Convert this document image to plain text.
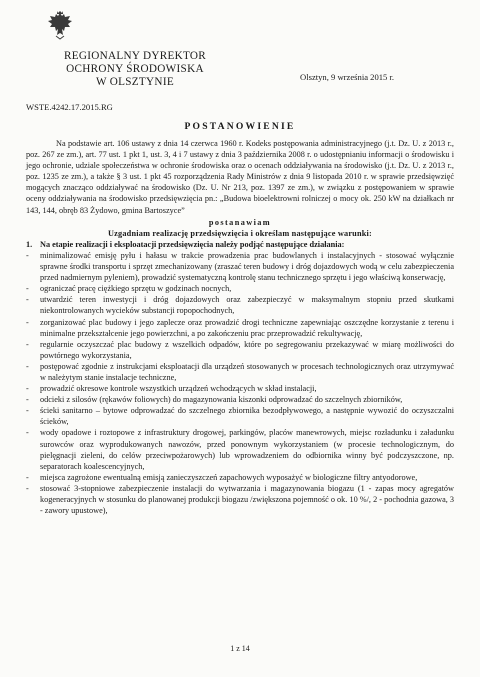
REGIONALNY DYREKTOR
OCHRONY ŚRODOWISKA
W OLSZTYNIE	Olsztyn, 9 września 2015 r.
WSTE.4242.17.2015.RG
POSTANOWIENIE

Na podstawie art. 106 ustawy z dnia 14 czerwca 1960 r. Kodeks postępowania administracyjnego (j.t. Dz. U. z 2013 r., poz. 267 ze zm.), art. 77 ust. 1 pkt 1, ust. 3, 4 i 7 ustawy z dnia 3 października 2008 r. o udostępnianiu informacji o środowisku i jego ochronie, udziale społeczeństwa w ochronie środowiska oraz o ocenach oddziaływania na środowisko (j.t. Dz. U. z 2013 r., poz. 1235 ze zm.), a także § 3 ust. 1 pkt 45 rozporządzenia Rady Ministrów z dnia 9 listopada 2010 r. w sprawie przedsięwzięć mogących znacząco oddziaływać na środowisko (Dz. U. Nr 213, poz. 1397 ze zm.), w związku z postępowaniem w sprawie oceny oddziaływania na środowisko przedsięwzięcia pn.: „Budowa bioelektrowni rolniczej o mocy ok. 250 kW na działkach nr 143, 144, obręb 83 Żydowo, gmina Bartoszyce”

postanawiam

Uzgadniam realizację przedsięwzięcia i określam następujące warunki:

1. Na etapie realizacji i eksploatacji przedsięwzięcia należy podjąć następujące działania:

- minimalizować emisję pyłu i hałasu w trakcie prowadzenia prac budowlanych i instalacyjnych - stosować wyłącznie sprawne środki transportu i sprzęt zmechanizowany (zraszać teren budowy i dróg dojazdowych wodą w celu zabezpieczenia przed nadmiernym pyleniem), prowadzić systematyczną kontrolę stanu technicznego sprzętu i jego właściwą konserwację,
- ograniczać pracę ciężkiego sprzętu w godzinach nocnych,
- utwardzić teren inwestycji i dróg dojazdowych oraz zabezpieczyć w maksymalnym stopniu przed skutkami niekontrolowanych wycieków substancji ropopochodnych,
- zorganizować plac budowy i jego zaplecze oraz prowadzić drogi techniczne zapewniając oszczędne korzystanie z terenu i minimalne przekształcenie jego powierzchni, a po zakończeniu prac przeprowadzić rekultywację,
- regularnie oczyszczać plac budowy z wszelkich odpadów, które po segregowaniu przekazywać w miarę możliwości do powtórnego wykorzystania,
- postępować zgodnie z instrukcjami eksploatacji dla urządzeń stosowanych w procesach technologicznych oraz utrzymywać w należytym stanie instalacje techniczne,
- prowadzić okresowe kontrole wszystkich urządzeń wchodzących w skład instalacji,
- odcieki z silosów (rękawów foliowych) do magazynowania kiszonki odprowadzać do szczelnych zbiorników,
- ścieki sanitarno – bytowe odprowadzać do szczelnego zbiornika bezodpływowego, a następnie wywozić do oczyszczalni ścieków,
- wody opadowe i roztopowe z infrastruktury drogowej, parkingów, placów manewrowych, miejsc rozładunku i załadunku surowców oraz wyprodukowanych nawozów, przed ponownym wykorzystaniem (w procesie technologicznym, do pielęgnacji zieleni, do celów przeciwpożarowych) lub wprowadzeniem do odbiornika winny być podczyszczone, np. separatorach koalescencyjnych,
- miejsca zagrożone ewentualną emisją zanieczyszczeń zapachowych wyposażyć w biologiczne filtry antyodorowe,
- stosować 3-stopniowe zabezpieczenie instalacji do wytwarzania i magazynowania biogazu (1 - zapas mocy agregatów kogeneracyjnych w stosunku do planowanej produkcji biogazu /zwiększona pojemność o ok. 10 %/, 2 - pochodnia gazowa, 3 - zawory upustowe),
1 z 14
